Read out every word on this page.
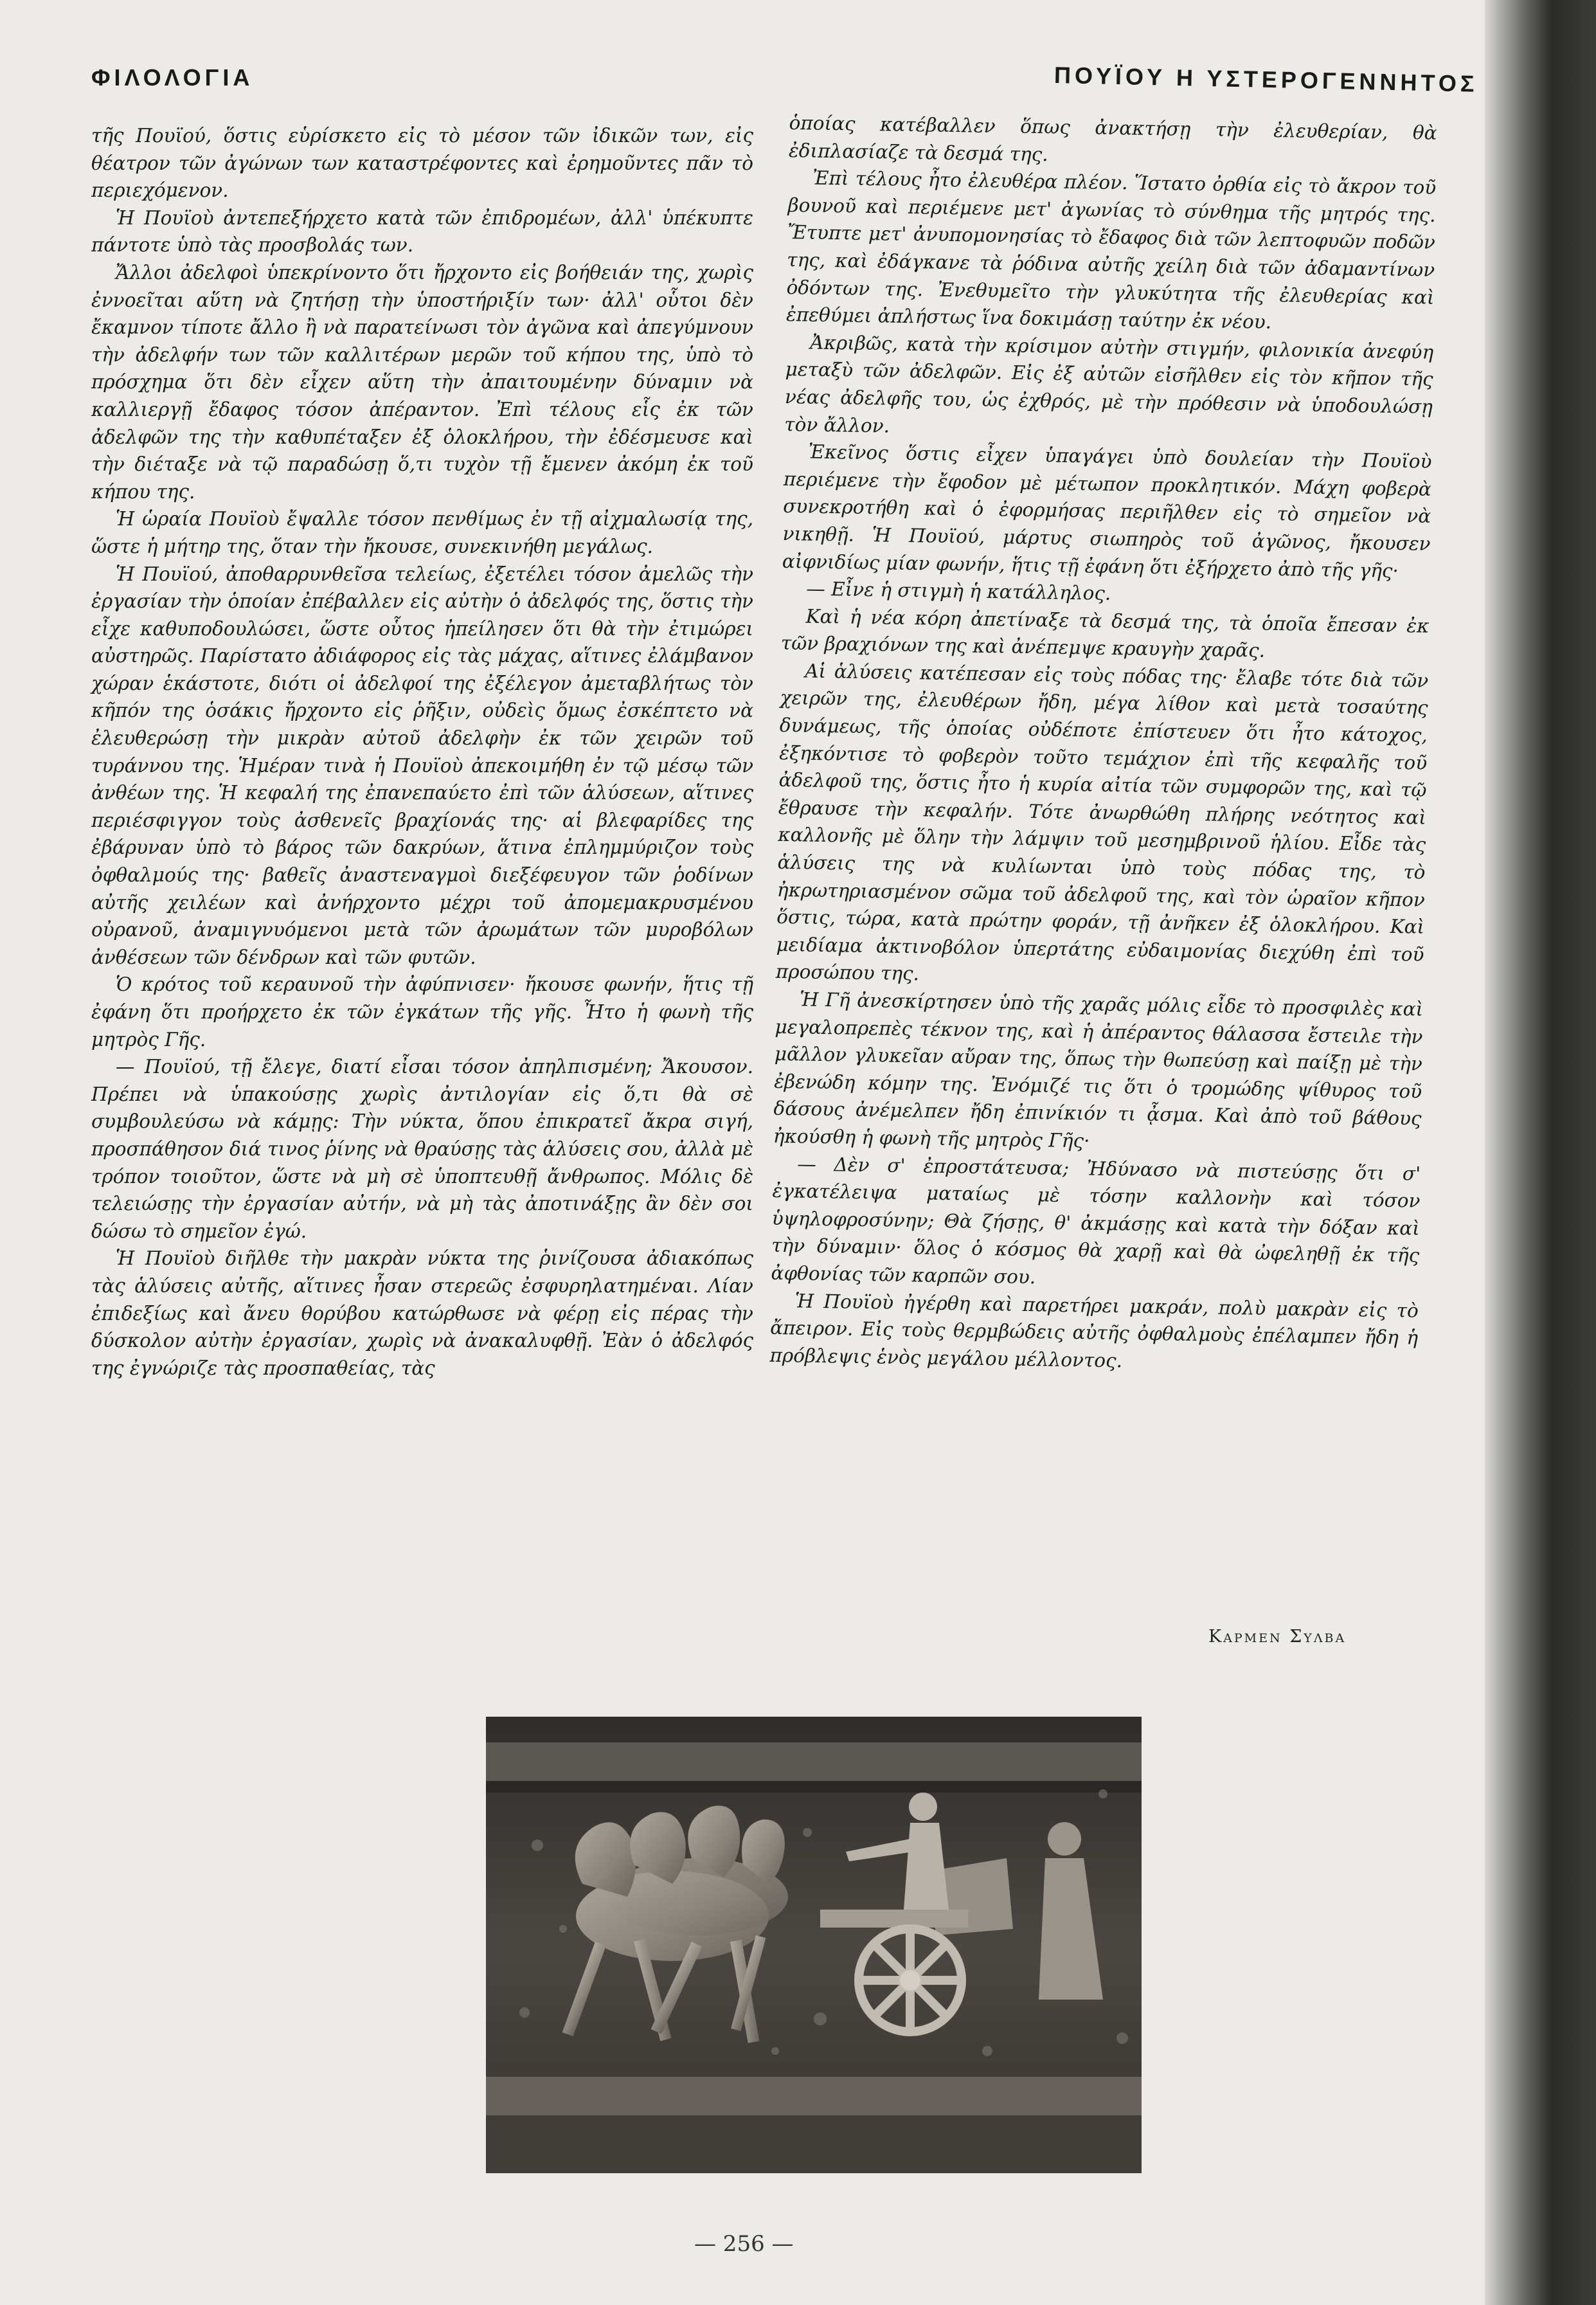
ΦΙΛΟΛΟΓΙΑ	ΠΟΥΪΟΥ Η ΥΣΤΕΡΟΓΕΝΝΗΤΟΣ

τῆς Πουϊού, ὅστις εὑρίσκετο εἰς τὸ μέσον τῶν ἰδικῶν των, εἰς θέατρον τῶν ἀγώνων των καταστρέφοντες καὶ ἐρημοῦντες πᾶν τὸ περιεχόμενον.

Ἡ Πουϊοὺ ἀντεπεξήρχετο κατὰ τῶν ἐπιδρομέων, ἀλλ' ὑπέκυπτε πάντοτε ὑπὸ τὰς προσβολάς των.

Ἄλλοι ἀδελφοὶ ὑπεκρίνοντο ὅτι ἤρχοντο εἰς βοήθειάν της, χωρὶς ἐννοεῖται αὕτη νὰ ζητήσῃ τὴν ὑποστήριξίν των· ἀλλ' οὗτοι δὲν ἔκαμνον τίποτε ἄλλο ἢ νὰ παρατείνωσι τὸν ἀγῶνα καὶ ἀπεγύμνουν τὴν ἀδελφήν των τῶν καλλιτέρων μερῶν τοῦ κήπου της, ὑπὸ τὸ πρόσχημα ὅτι δὲν εἶχεν αὕτη τὴν ἀπαιτουμένην δύναμιν νὰ καλλιεργῇ ἔδαφος τόσον ἀπέραντον. Ἐπὶ τέλους εἷς ἐκ τῶν ἀδελφῶν της τὴν καθυπέταξεν ἐξ ὁλοκλήρου, τὴν ἐδέσμευσε καὶ τὴν διέταξε νὰ τῷ παραδώσῃ ὅ,τι τυχὸν τῇ ἔμενεν ἀκόμη ἐκ τοῦ κήπου της.

Ἡ ὡραία Πουϊοὺ ἔψαλλε τόσον πενθίμως ἐν τῇ αἰχμαλωσίᾳ της, ὥστε ἡ μήτηρ της, ὅταν τὴν ἤκουσε, συνεκινήθη μεγάλως.

Ἡ Πουϊού, ἀποθαρρυνθεῖσα τελείως, ἐξετέλει τόσον ἀμελῶς τὴν ἐργασίαν τὴν ὁποίαν ἐπέβαλλεν εἰς αὐτὴν ὁ ἀδελφός της, ὅστις τὴν εἶχε καθυποδουλώσει, ὥστε οὗτος ἠπείλησεν ὅτι θὰ τὴν ἐτιμώρει αὐστηρῶς. Παρίστατο ἀδιάφορος εἰς τὰς μάχας, αἵτινες ἐλάμβανον χώραν ἑκάστοτε, διότι οἱ ἀδελφοί της ἐξέλεγον ἀμεταβλήτως τὸν κῆπόν της ὁσάκις ἤρχοντο εἰς ῥῆξιν, οὐδεὶς ὅμως ἐσκέπτετο νὰ ἐλευθερώσῃ τὴν μικρὰν αὐτοῦ ἀδελφὴν ἐκ τῶν χειρῶν τοῦ τυράννου της. Ἡμέραν τινὰ ἡ Πουϊοὺ ἀπεκοιμήθη ἐν τῷ μέσῳ τῶν ἀνθέων της. Ἡ κεφαλή της ἐπανεπαύετο ἐπὶ τῶν ἁλύσεων, αἵτινες περιέσφιγγον τοὺς ἀσθενεῖς βραχίονάς της· αἱ βλεφαρίδες της ἐβάρυναν ὑπὸ τὸ βάρος τῶν δακρύων, ἅτινα ἐπλημμύριζον τοὺς ὀφθαλμούς της· βαθεῖς ἀναστεναγμοὶ διεξέφευγον τῶν ῥοδίνων αὐτῆς χειλέων καὶ ἀνήρχοντο μέχρι τοῦ ἀπομεμακρυσμένου οὐρανοῦ, ἀναμιγνυόμενοι μετὰ τῶν ἀρωμάτων τῶν μυροβόλων ἀνθέσεων τῶν δένδρων καὶ τῶν φυτῶν.

Ὁ κρότος τοῦ κεραυνοῦ τὴν ἀφύπνισεν· ἤκουσε φωνήν, ἥτις τῇ ἐφάνη ὅτι προήρχετο ἐκ τῶν ἐγκάτων τῆς γῆς. Ἦτο ἡ φωνὴ τῆς μητρὸς Γῆς.

— Πουϊού, τῇ ἔλεγε, διατί εἶσαι τόσον ἀπηλπισμένη; Ἄκουσον. Πρέπει νὰ ὑπακούσῃς χωρὶς ἀντιλογίαν εἰς ὅ,τι θὰ σὲ συμβουλεύσω νὰ κάμῃς: Τὴν νύκτα, ὅπου ἐπικρατεῖ ἄκρα σιγή, προσπάθησον διά τινος ῥίνης νὰ θραύσῃς τὰς ἁλύσεις σου, ἀλλὰ μὲ τρόπον τοιοῦτον, ὥστε νὰ μὴ σὲ ὑποπτευθῇ ἄνθρωπος. Μόλις δὲ τελειώσῃς τὴν ἐργασίαν αὐτήν, νὰ μὴ τὰς ἀποτινάξῃς ἂν δὲν σοι δώσω τὸ σημεῖον ἐγώ.

Ἡ Πουϊοὺ διῆλθε τὴν μακρὰν νύκτα της ῥινίζουσα ἀδιακόπως τὰς ἁλύσεις αὐτῆς, αἵτινες ἦσαν στερεῶς ἐσφυρηλατημέναι. Λίαν ἐπιδεξίως καὶ ἄνευ θορύβου κατώρθωσε νὰ φέρῃ εἰς πέρας τὴν δύσκολον αὐτὴν ἐργασίαν, χωρὶς νὰ ἀνακαλυφθῇ. Ἐὰν ὁ ἀδελφός της ἐγνώριζε τὰς προσπαθείας, τὰς

ὁποίας κατέβαλλεν ὅπως ἀνακτήσῃ τὴν ἐλευθερίαν, θὰ ἐδιπλασίαζε τὰ δεσμά της.

Ἐπὶ τέλους ἦτο ἐλευθέρα πλέον. Ἵστατο ὀρθία εἰς τὸ ἄκρον τοῦ βουνοῦ καὶ περιέμενε μετ' ἀγωνίας τὸ σύνθημα τῆς μητρός της. Ἔτυπτε μετ' ἀνυπομονησίας τὸ ἔδαφος διὰ τῶν λεπτοφυῶν ποδῶν της, καὶ ἐδάγκανε τὰ ῥόδινα αὐτῆς χείλη διὰ τῶν ἀδαμαντίνων ὀδόντων της. Ἐνεθυμεῖτο τὴν γλυκύτητα τῆς ἐλευθερίας καὶ ἐπεθύμει ἀπλήστως ἵνα δοκιμάσῃ ταύτην ἐκ νέου.

Ἀκριβῶς, κατὰ τὴν κρίσιμον αὐτὴν στιγμήν, φιλονικία ἀνεφύη μεταξὺ τῶν ἀδελφῶν. Εἰς ἐξ αὐτῶν εἰσῆλθεν εἰς τὸν κῆπον τῆς νέας ἀδελφῆς του, ὡς ἐχθρός, μὲ τὴν πρόθεσιν νὰ ὑποδουλώσῃ τὸν ἄλλον.

Ἐκεῖνος ὅστις εἶχεν ὑπαγάγει ὑπὸ δουλείαν τὴν Πουϊοὺ περιέμενε τὴν ἔφοδον μὲ μέτωπον προκλητικόν. Μάχη φοβερὰ συνεκροτήθη καὶ ὁ ἐφορμήσας περιῆλθεν εἰς τὸ σημεῖον νὰ νικηθῇ. Ἡ Πουϊού, μάρτυς σιωπηρὸς τοῦ ἀγῶνος, ἤκουσεν αἰφνιδίως μίαν φωνήν, ἥτις τῇ ἐφάνη ὅτι ἐξήρχετο ἀπὸ τῆς γῆς·

— Εἶνε ἡ στιγμὴ ἡ κατάλληλος.

Καὶ ἡ νέα κόρη ἀπετίναξε τὰ δεσμά της, τὰ ὁποῖα ἔπεσαν ἐκ τῶν βραχιόνων της καὶ ἀνέπεμψε κραυγὴν χαρᾶς.

Αἱ ἁλύσεις κατέπεσαν εἰς τοὺς πόδας της· ἔλαβε τότε διὰ τῶν χειρῶν της, ἐλευθέρων ἤδη, μέγα λίθον καὶ μετὰ τοσαύτης δυνάμεως, τῆς ὁποίας οὐδέποτε ἐπίστευεν ὅτι ἦτο κάτοχος, ἐξηκόντισε τὸ φοβερὸν τοῦτο τεμάχιον ἐπὶ τῆς κεφαλῆς τοῦ ἀδελφοῦ της, ὅστις ἦτο ἡ κυρία αἰτία τῶν συμφορῶν της, καὶ τῷ ἔθραυσε τὴν κεφαλήν. Τότε ἀνωρθώθη πλήρης νεότητος καὶ καλλονῆς μὲ ὅλην τὴν λάμψιν τοῦ μεσημβρινοῦ ἡλίου. Εἶδε τὰς ἁλύσεις της νὰ κυλίωνται ὑπὸ τοὺς πόδας της, τὸ ἠκρωτηριασμένον σῶμα τοῦ ἀδελφοῦ της, καὶ τὸν ὡραῖον κῆπον ὅστις, τώρα, κατὰ πρώτην φοράν, τῇ ἀνῆκεν ἐξ ὁλοκλήρου. Καὶ μειδίαμα ἀκτινοβόλον ὑπερτάτης εὐδαιμονίας διεχύθη ἐπὶ τοῦ προσώπου της.

Ἡ Γῆ ἀνεσκίρτησεν ὑπὸ τῆς χαρᾶς μόλις εἶδε τὸ προσφιλὲς καὶ μεγαλοπρεπὲς τέκνον της, καὶ ἡ ἀπέραντος θάλασσα ἔστειλε τὴν μᾶλλον γλυκεῖαν αὔραν της, ὅπως τὴν θωπεύσῃ καὶ παίξῃ μὲ τὴν ἐβενώδη κόμην της. Ἐνόμιζέ τις ὅτι ὁ τρομώδης ψίθυρος τοῦ δάσους ἀνέμελπεν ἤδη ἐπινίκιόν τι ᾆσμα. Καὶ ἀπὸ τοῦ βάθους ἠκούσθη ἡ φωνὴ τῆς μητρὸς Γῆς·

— Δὲν σ' ἐπροστάτευσα; Ἠδύνασο νὰ πιστεύσῃς ὅτι σ' ἐγκατέλειψα ματαίως μὲ τόσην καλλονὴν καὶ τόσον ὑψηλοφροσύνην; Θὰ ζήσῃς, θ' ἀκμάσῃς καὶ κατὰ τὴν δόξαν καὶ τὴν δύναμιν· ὅλος ὁ κόσμος θὰ χαρῇ καὶ θὰ ὠφεληθῇ ἐκ τῆς ἀφθονίας τῶν καρπῶν σου.

Ἡ Πουϊοὺ ἠγέρθη καὶ παρετήρει μακράν, πολὺ μακρὰν εἰς τὸ ἄπειρον. Εἰς τοὺς θερμβώδεις αὐτῆς ὀφθαλμοὺς ἐπέλαμπεν ἤδη ἡ πρόβλεψις ἑνὸς μεγάλου μέλλοντος.

Καρμεν Συλβα
— 256 —
